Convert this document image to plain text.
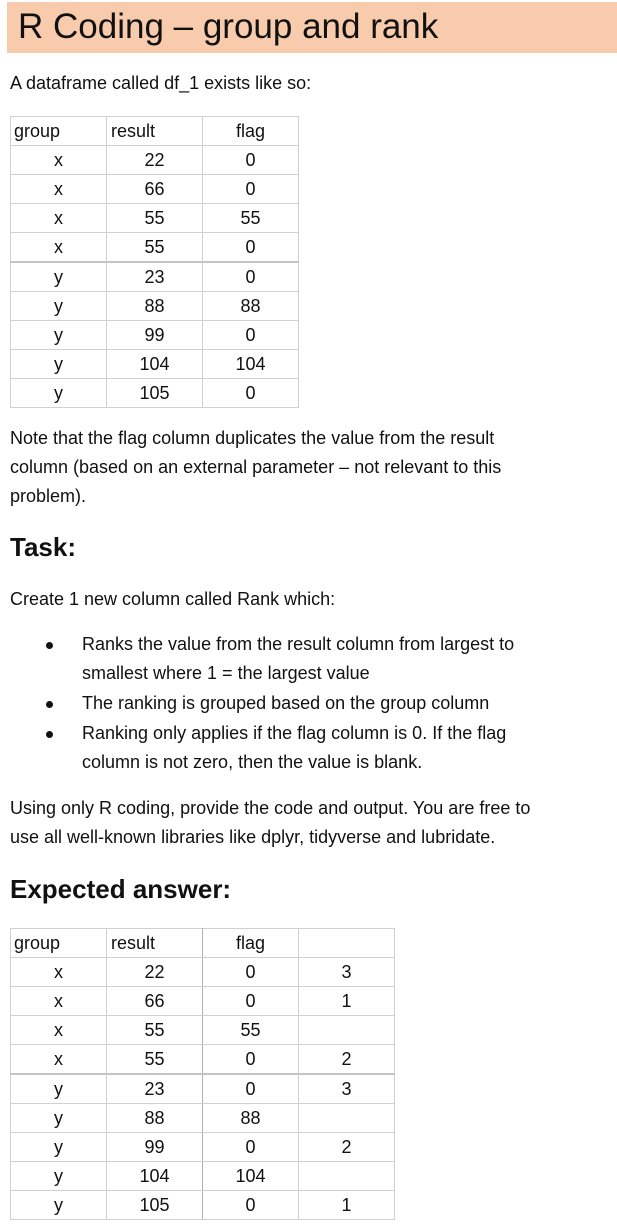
R Coding – group and rank
A dataframe called df_1 exists like so:
group	result	flag
x	22	0
x	66	0
x	55	55
x	55	0
y	23	0
y	88	88
y	99	0
y	104	104
y	105	0
Note that the flag column duplicates the value from the result
column (based on an external parameter – not relevant to this
problem).
Task:
Create 1 new column called Rank which:
Ranks the value from the result column from largest to
smallest where 1 = the largest value
The ranking is grouped based on the group column
Ranking only applies if the flag column is 0. If the flag
column is not zero, then the value is blank.
Using only R coding, provide the code and output. You are free to
use all well-known libraries like dplyr, tidyverse and lubridate.
Expected answer:
group	result	flag	
x	22	0	3
x	66	0	1
x	55	55	
x	55	0	2
y	23	0	3
y	88	88	
y	99	0	2
y	104	104	
y	105	0	1
